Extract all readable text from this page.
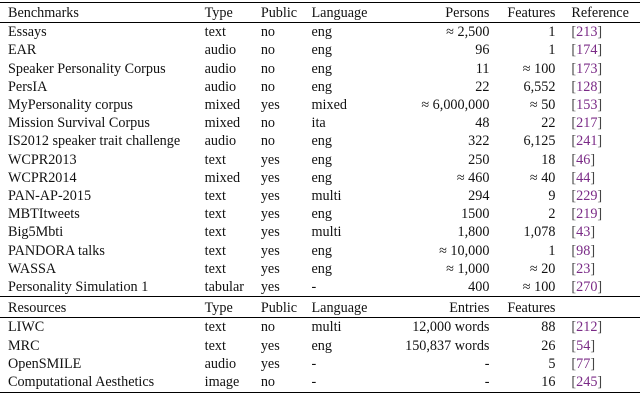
Benchmarks	Type	Public	Language	Persons	Features	Reference
Essays	text	no	eng	≈ 2,500	1	[213]
EAR	audio	no	eng	96	1	[174]
Speaker Personality Corpus	audio	no	eng	11	≈ 100	[173]
PersIA	audio	no	eng	22	6,552	[128]
MyPersonality corpus	mixed	yes	mixed	≈ 6,000,000	≈ 50	[153]
Mission Survival Corpus	mixed	no	ita	48	22	[217]
IS2012 speaker trait challenge	audio	no	eng	322	6,125	[241]
WCPR2013	text	yes	eng	250	18	[46]
WCPR2014	mixed	yes	eng	≈ 460	≈ 40	[44]
PAN-AP-2015	text	yes	multi	294	9	[229]
MBTItweets	text	yes	eng	1500	2	[219]
Big5Mbti	text	yes	multi	1,800	1,078	[43]
PANDORA talks	text	yes	eng	≈ 10,000	1	[98]
WASSA	text	yes	eng	≈ 1,000	≈ 20	[23]
Personality Simulation 1	tabular	yes	-	400	≈ 100	[270]

Resources	Type	Public	Language	Entries	Features	
LIWC	text	no	multi	12,000 words	88	[212]
MRC	text	yes	eng	150,837 words	26	[54]
OpenSMILE	audio	yes	-	-	5	[77]
Computational Aesthetics	image	no	-	-	16	[245]
